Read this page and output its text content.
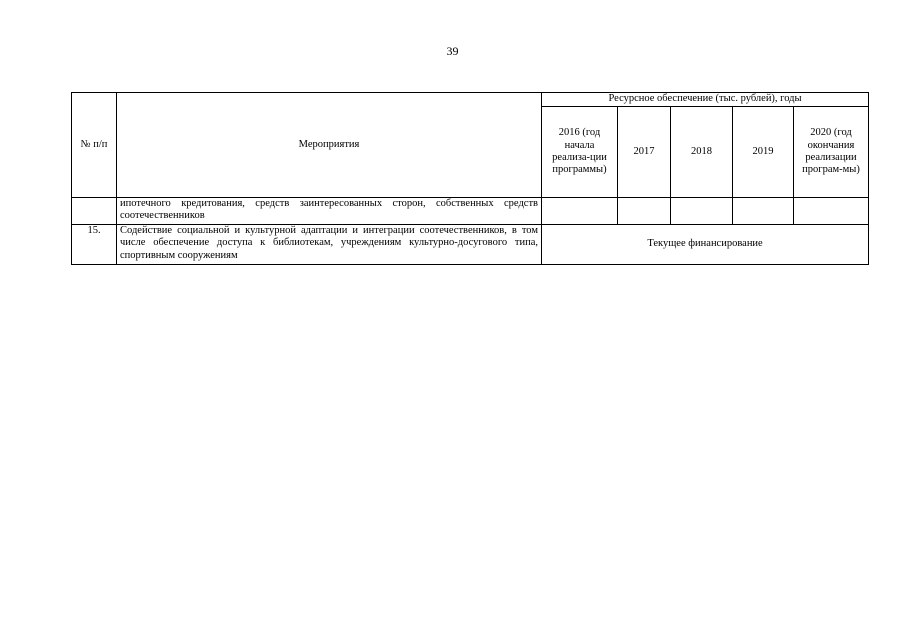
39
№ п/п	Мероприятия	Ресурсное обеспечение (тыс. рублей), годы				
		2016 (год начала реализа-ции программы)	2017	2018	2019	2020 (год окончания реализации програм-мы)
	ипотечного кредитования, средств заинтересованных сторон, собственных средств соотечественников					
15.	Содействие социальной и культурной адаптации и интеграции соотечественников, в том числе обеспечение доступа к библиотекам, учреждениям культурно-досугового типа, спортивным сооружениям	Текущее финансирование				
